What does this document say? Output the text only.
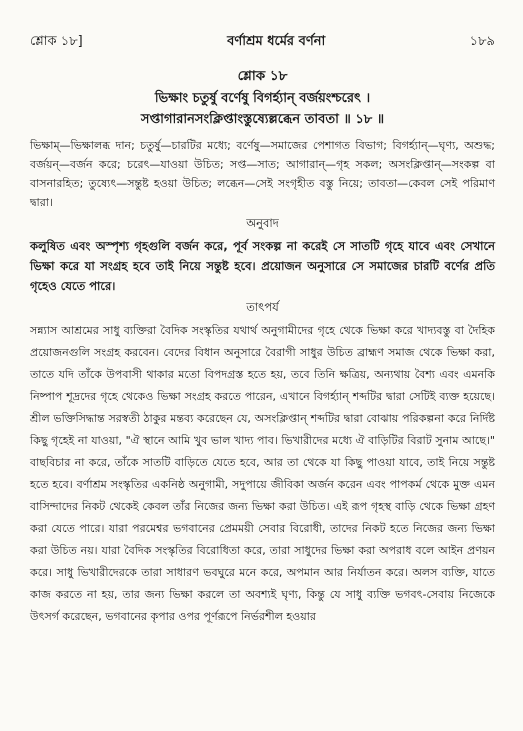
শ্লোক ১৮]	বর্ণাশ্রম ধর্মের বর্ণনা	১৮৯
শ্লোক ১৮
ভিক্ষাং চতুর্ষু বর্ণেষু বিগর্হ্যান্ বর্জয়ংশ্চরেৎ ।
সপ্তাগারানসংক্লিপ্তাংস্তুষ্যেল্লব্ধেন তাবতা ॥ ১৮ ॥
ভিক্ষাম্—ভিক্ষালব্ধ দান; চতুর্ষু—চারটির মধ্যে; বর্ণেষু—সমাজের পেশাগত বিভাগ; বিগর্হ্যান্—ঘৃণ্য, অশুদ্ধ; বর্জয়ন্—বর্জন করে; চরেৎ—যাওয়া উচিত; সপ্ত—সাত; আগারান্—গৃহ সকল; অসংক্লিপ্তান্—সংকল্প বা বাসনারহিত; তুষ্যেৎ—সন্তুষ্ট হওয়া উচিত; লব্ধেন—সেই সংগৃহীত বস্তু নিয়ে; তাবতা—কেবল সেই পরিমাণ দ্বারা।
অনুবাদ
কলুষিত এবং অস্পৃশ্য গৃহগুলি বর্জন করে, পূর্ব সংকল্প না করেই সে সাতটি গৃহে যাবে এবং সেখানে ভিক্ষা করে যা সংগ্রহ হবে তাই নিয়ে সন্তুষ্ট হবে। প্রয়োজন অনুসারে সে সমাজের চারটি বর্ণের প্রতি গৃহেও যেতে পারে।
তাৎপর্য

সন্ন্যাস আশ্রমের সাধু ব্যক্তিরা বৈদিক সংস্কৃতির যথার্থ অনুগামীদের গৃহে থেকে ভিক্ষা করে খাদ্যবস্তু বা দৈহিক প্রয়োজনগুলি সংগ্রহ করবেন। বেদের বিধান অনুসারে বৈরাগী সাধুর উচিত ব্রাহ্মণ সমাজ থেকে ভিক্ষা করা, তাতে যদি তাঁকে উপবাসী থাকার মতো বিপদগ্রস্ত হতে হয়, তবে তিনি ক্ষত্রিয়, অন্যথায় বৈশ্য এবং এমনকি নিষ্পাপ শূদ্রদের গৃহে থেকেও ভিক্ষা সংগ্রহ করতে পারেন, এখানে বিগর্হ্যান্ শব্দটির দ্বারা সেটিই ব্যক্ত হয়েছে। শ্রীল ভক্তিসিদ্ধান্ত সরস্বতী ঠাকুর মন্তব্য করেছেন যে, অসংক্লিপ্তান্ শব্দটির দ্বারা বোঝায় পরিকল্পনা করে নির্দিষ্ট কিছু গৃহেই না যাওয়া, "ঐ স্থানে আমি খুব ভাল খাদ্য পাব। ভিখারীদের মধ্যে ঐ বাড়িটির বিরাট সুনাম আছে।" বাছবিচার না করে, তাঁকে সাতটি বাড়িতে যেতে হবে, আর তা থেকে যা কিছু পাওয়া যাবে, তাই নিয়ে সন্তুষ্ট হতে হবে। বর্ণাশ্রম সংস্কৃতির একনিষ্ঠ অনুগামী, সদুপায়ে জীবিকা অর্জন করেন এবং পাপকর্ম থেকে মুক্ত এমন বাসিন্দাদের নিকট থেকেই কেবল তাঁর নিজের জন্য ভিক্ষা করা উচিত। এই রূপ গৃহস্থ বাড়ি থেকে ভিক্ষা গ্রহণ করা যেতে পারে। যারা পরমেশ্বর ভগবানের প্রেমময়ী সেবার বিরোধী, তাদের নিকট হতে নিজের জন্য ভিক্ষা করা উচিত নয়। যারা বৈদিক সংস্কৃতির বিরোধিতা করে, তারা সাধুদের ভিক্ষা করা অপরাধ বলে আইন প্রণয়ন করে। সাধু ভিখারীদেরকে তারা সাধারণ ভবঘুরে মনে করে, অপমান আর নির্যাতন করে। অলস ব্যক্তি, যাতে কাজ করতে না হয়, তার জন্য ভিক্ষা করলে তা অবশ্যই ঘৃণ্য, কিন্তু যে সাধু ব্যক্তি ভগবৎ-সেবায় নিজেকে উৎসর্গ করেছেন, ভগবানের কৃপার ওপর পূর্ণরূপে নির্ভরশীল হওয়ার
